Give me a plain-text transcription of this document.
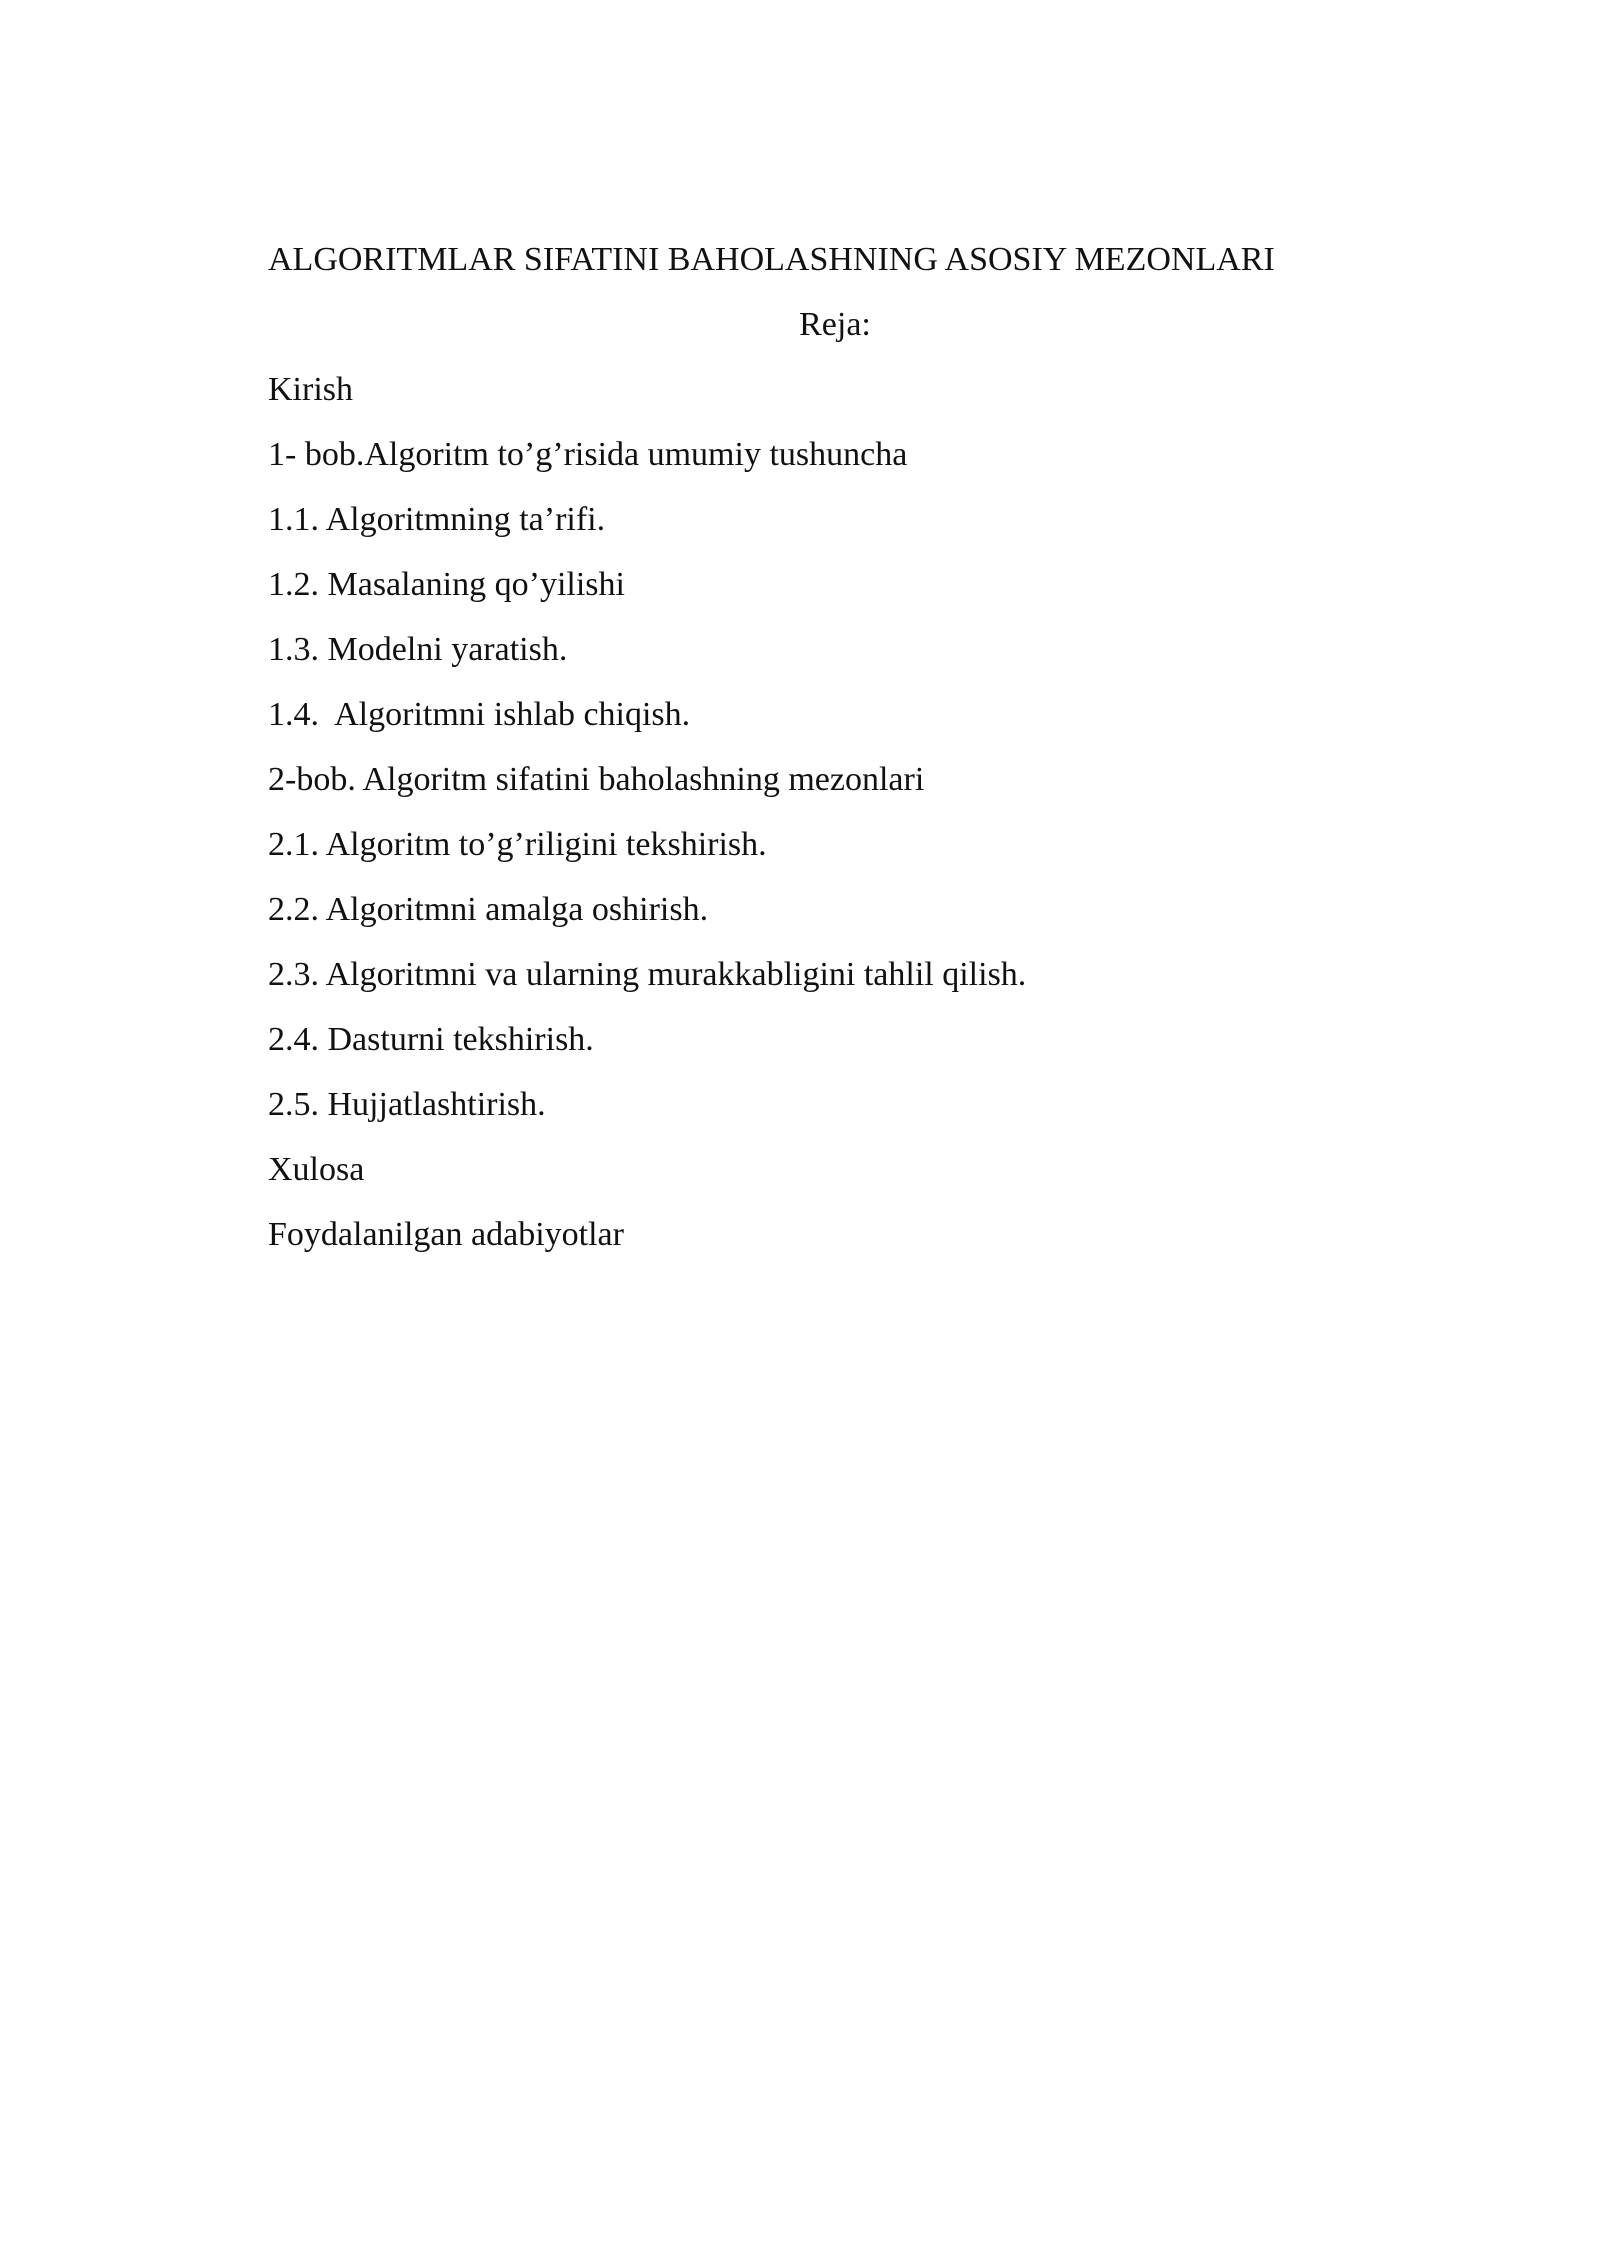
ALGORITMLAR SIFATINI BAHOLASHNING ASOSIY MEZONLARI
Reja:
Kirish
1- bob.Algoritm to’g’risida umumiy tushuncha
1.1. Algoritmning ta’rifi.
1.2. Masalaning qo’yilishi
1.3. Modelni yaratish.
1.4.  Algoritmni ishlab chiqish.
2-bob. Algoritm sifatini baholashning mezonlari
2.1. Algoritm to’g’riligini tekshirish.
2.2. Algoritmni amalga oshirish.
2.3. Algoritmni va ularning murakkabligini tahlil qilish.
2.4. Dasturni tekshirish.
2.5. Hujjatlashtirish.
Xulosa
Foydalanilgan adabiyotlar
